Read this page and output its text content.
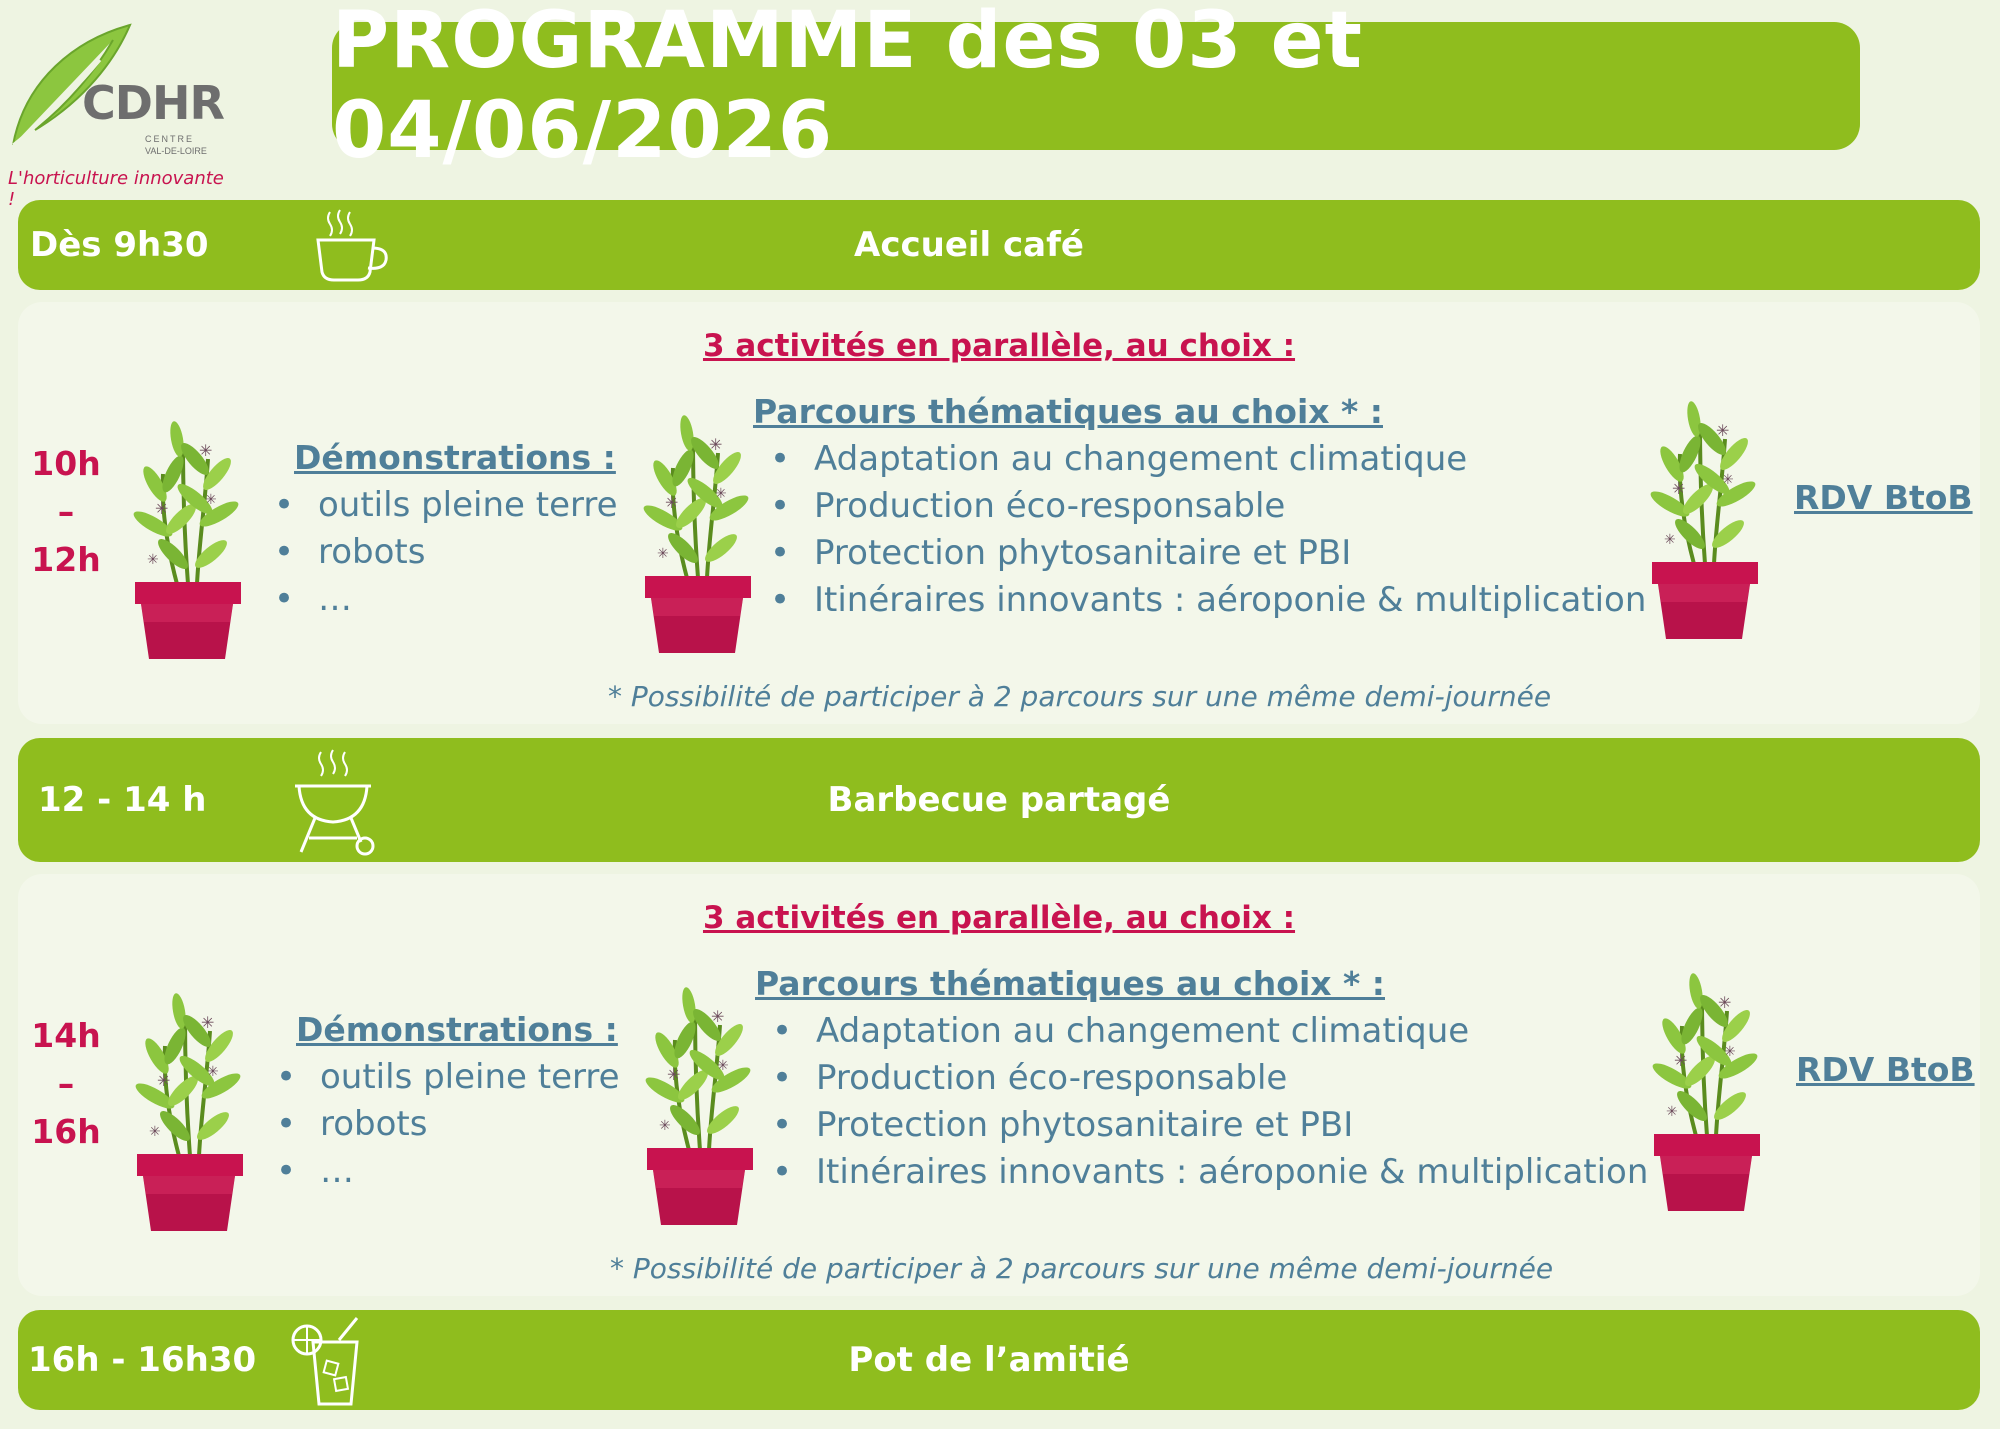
CDHR
CENTRE
VAL-DE-LOIRE
L'horticulture innovante !
PROGRAMME des 03 et 04/06/2026
Dès 9h30	Accueil café
3 activités en parallèle, au choix :
10h
–
12h
Démonstrations :
• outils pleine terre
• robots
• …
Parcours thématiques au choix * :
• Adaptation au changement climatique
• Production éco-responsable
• Protection phytosanitaire et PBI
• Itinéraires innovants : aéroponie & multiplication
RDV BtoB
* Possibilité de participer à 2 parcours sur une même demi-journée
12 - 14 h	Barbecue partagé
3 activités en parallèle, au choix :
14h
–
16h
Démonstrations :
• outils pleine terre
• robots
• …
Parcours thématiques au choix * :
• Adaptation au changement climatique
• Production éco-responsable
• Protection phytosanitaire et PBI
• Itinéraires innovants : aéroponie & multiplication
RDV BtoB
* Possibilité de participer à 2 parcours sur une même demi-journée
16h - 16h30	Pot de l’amitié
